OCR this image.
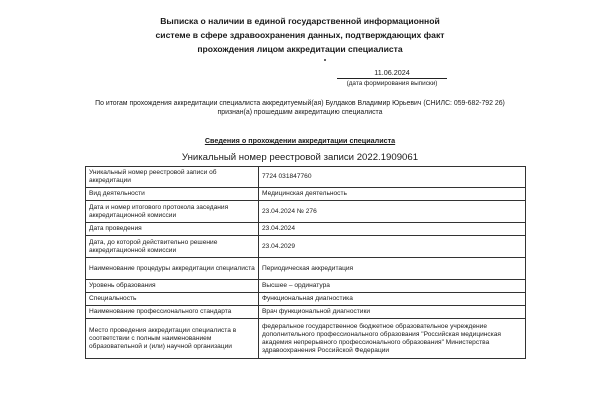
Выписка о наличии в единой государственной информационной
системе в сфере здравоохранения данных, подтверждающих факт
прохождения лицом аккредитации специалиста
11.06.2024
(дата формирования выписки)
По итогам прохождения аккредитации специалиста аккредитуемый(ая) Булдаков Владимир Юрьевич (СНИЛС: 059-682-792 26)
признан(а) прошедшим аккредитацию специалиста
Сведения о прохождении аккредитации специалиста
Уникальный номер реестровой записи 2022.1909061
Уникальный номер реестровой записи об аккредитации	7724 031847760
Вид деятельности	Медицинская деятельность
Дата и номер итогового протокола заседания аккредитационной комиссии	23.04.2024 № 276
Дата проведения	23.04.2024
Дата, до которой действительно решение аккредитационной комиссии	23.04.2029
Наименование процедуры аккредитации специалиста	Периодическая аккредитация
Уровень образования	Высшее – ординатура
Специальность	Функциональная диагностика
Наименование профессионального стандарта	Врач функциональной диагностики
Место проведения аккредитации специалиста в соответствии с полным наименованием образовательной и (или) научной организации	федеральное государственное бюджетное образовательное учреждение дополнительного профессионального образования "Российская медицинская академия непрерывного профессионального образования" Министерства здравоохранения Российской Федерации
